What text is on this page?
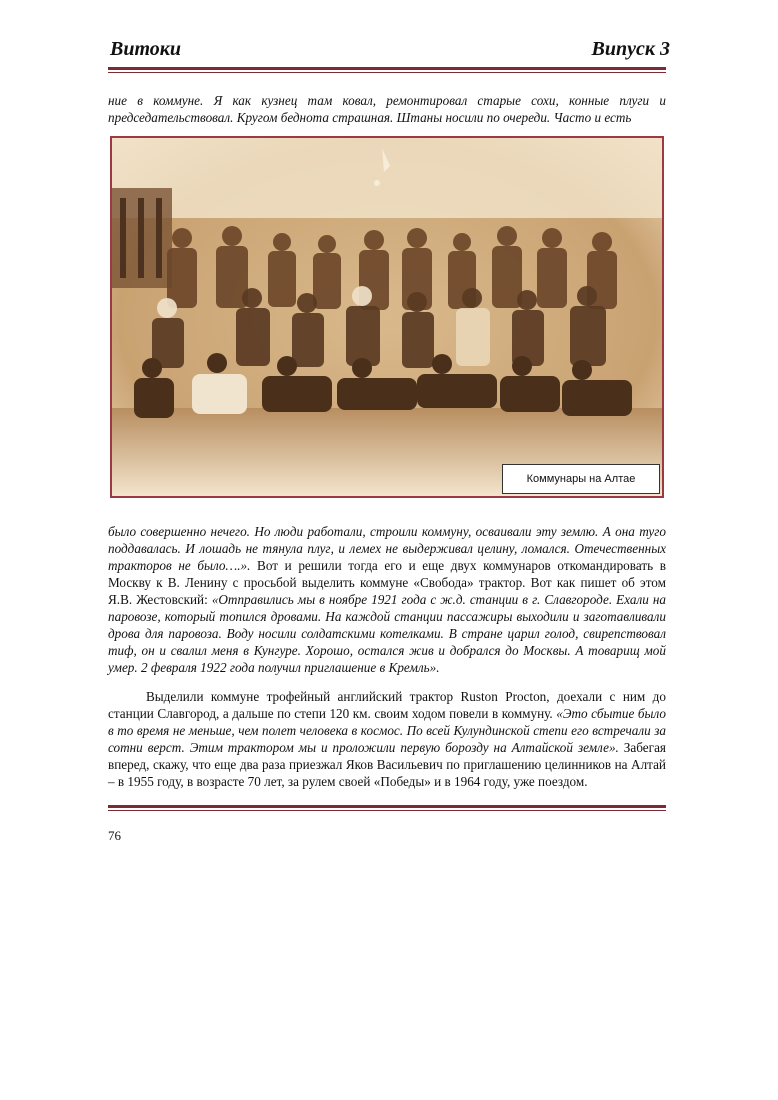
Витоки	Випуск 3

ние в коммуне. Я как кузнец там ковал, ремонтировал старые сохи, конные плуги и председательствовал. Кругом беднота страшная. Штаны носили по очереди. Часто и есть

Коммунары на Алтае

было совершенно нечего. Но люди работали, строили коммуну, осваивали эту землю. А она туго поддавалась. И лошадь не тянула плуг, и лемех не выдерживал целину, ломался. Отечественных тракторов не было….». Вот и решили тогда его и еще двух коммунаров откомандировать в Москву к В. Ленину с просьбой выделить коммуне «Свобода» трактор. Вот как пишет об этом Я.В. Жестовский: «Отправились мы в ноябре 1921 года с ж.д. станции в г. Славгороде. Ехали на паровозе, который топился дровами. На каждой станции пассажиры выходили и заготавливали дрова для паровоза. Воду носили солдатскими котелками. В стране царил голод, свирепствовал тиф, он и свалил меня в Кунгуре. Хорошо, остался жив и добрался до Москвы. А товарищ мой умер. 2 февраля 1922 года получил приглашение в Кремль».

Выделили коммуне трофейный английский трактор Ruston Procton, доехали с ним до станции Славгород, а дальше по степи 120 км. своим ходом повели в коммуну. «Это сбытие было в то время не меньше, чем полет человека в космос. По всей Кулундинской степи его встречали за сотни верст. Этим трактором мы и проложили первую борозду на Алтайской земле». Забегая вперед, скажу, что еще два раза приезжал Яков Васильевич по приглашению целинников на Алтай – в 1955 году, в возрасте 70 лет, за рулем своей «Победы» и в 1964 году, уже поездом.

76
